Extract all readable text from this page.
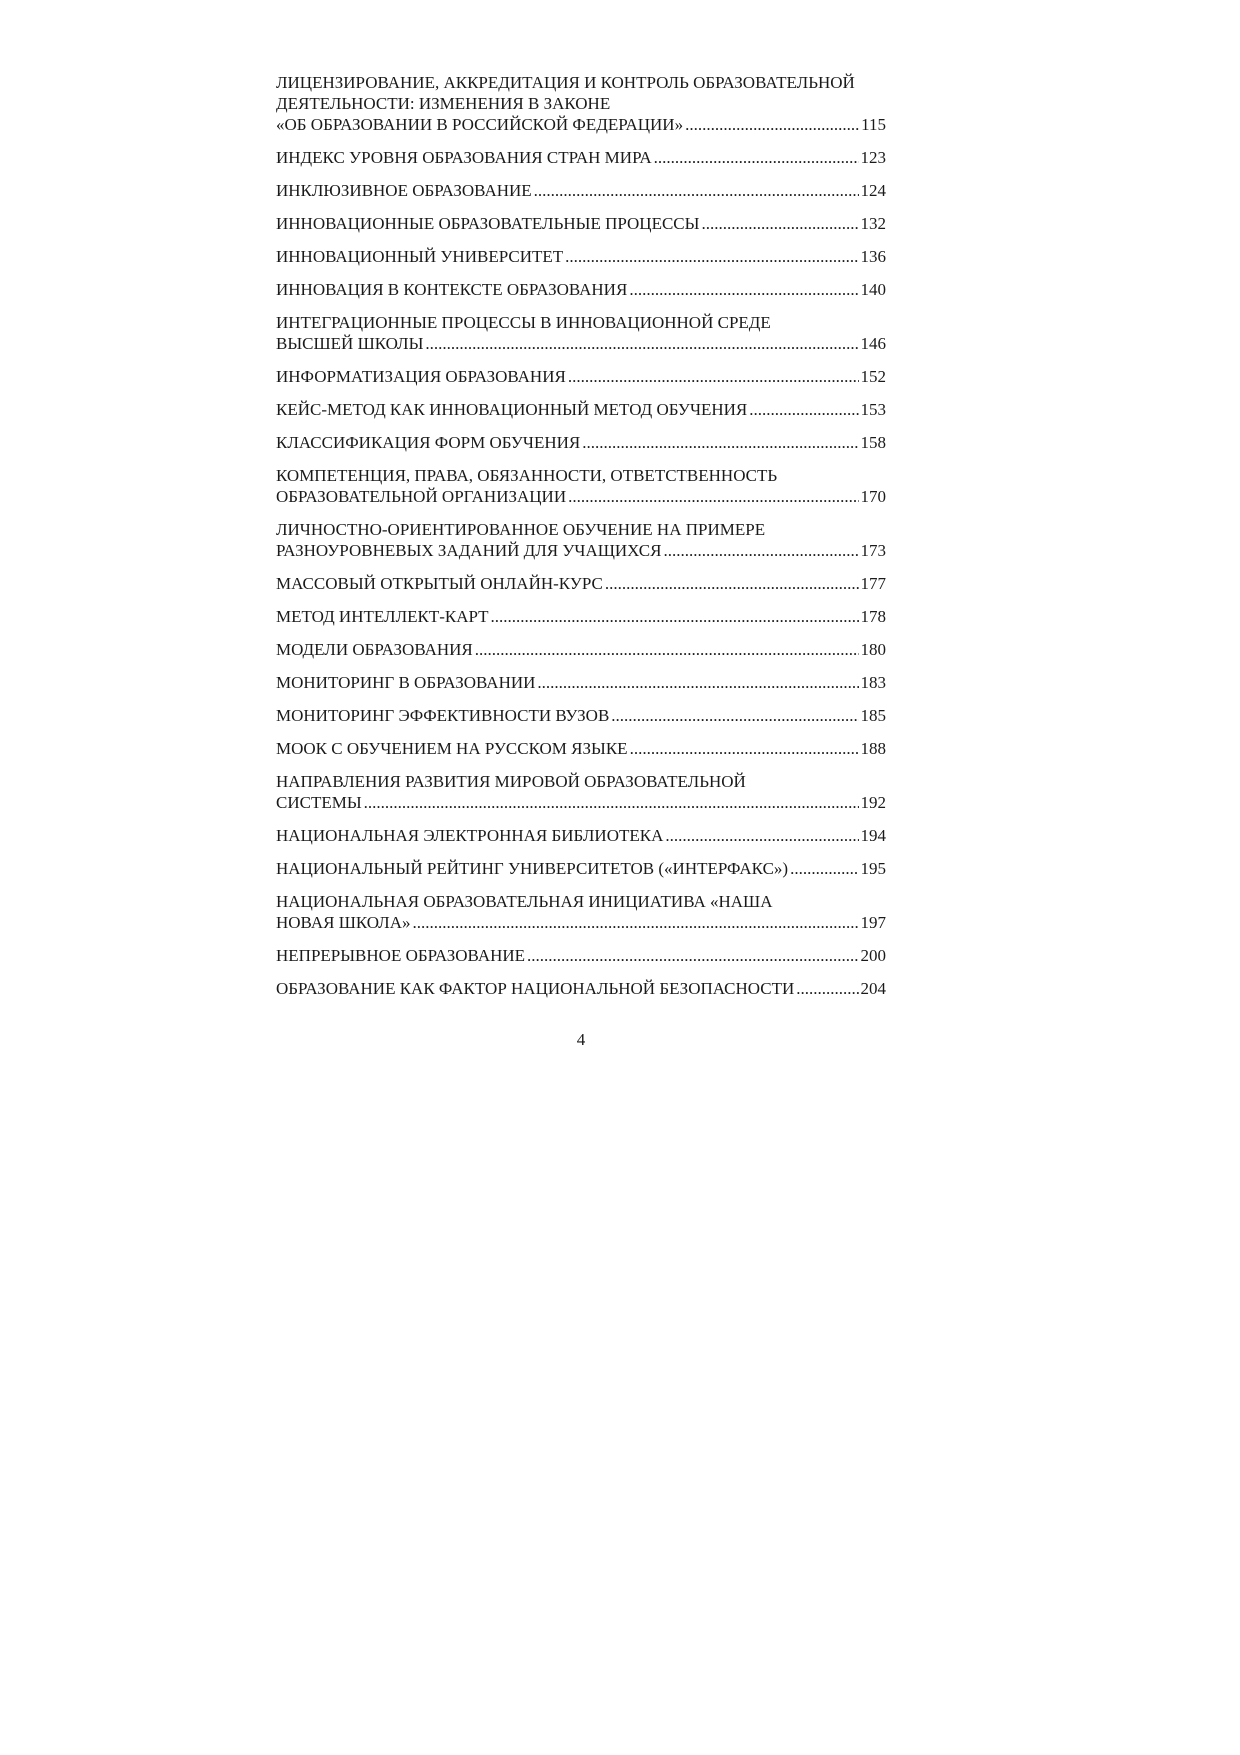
ЛИЦЕНЗИРОВАНИЕ, АККРЕДИТАЦИЯ И КОНТРОЛЬ ОБРАЗОВАТЕЛЬНОЙ ДЕЯТЕЛЬНОСТИ: ИЗМЕНЕНИЯ В ЗАКОНЕ
«ОБ ОБРАЗОВАНИИ В РОССИЙСКОЙ ФЕДЕРАЦИИ» .....	115
ИНДЕКС УРОВНЯ ОБРАЗОВАНИЯ СТРАН МИРА .....	123
ИНКЛЮЗИВНОЕ ОБРАЗОВАНИЕ .....	124
ИННОВАЦИОННЫЕ ОБРАЗОВАТЕЛЬНЫЕ ПРОЦЕССЫ .....	132
ИННОВАЦИОННЫЙ УНИВЕРСИТЕТ .....	136
ИННОВАЦИЯ В КОНТЕКСТЕ ОБРАЗОВАНИЯ .....	140
ИНТЕГРАЦИОННЫЕ ПРОЦЕССЫ В ИННОВАЦИОННОЙ СРЕДЕ
ВЫСШЕЙ ШКОЛЫ .....	146
ИНФОРМАТИЗАЦИЯ ОБРАЗОВАНИЯ .....	152
КЕЙС-МЕТОД КАК ИННОВАЦИОННЫЙ МЕТОД ОБУЧЕНИЯ .....	153
КЛАССИФИКАЦИЯ ФОРМ ОБУЧЕНИЯ .....	158
КОМПЕТЕНЦИЯ, ПРАВА, ОБЯЗАННОСТИ, ОТВЕТСТВЕННОСТЬ
ОБРАЗОВАТЕЛЬНОЙ ОРГАНИЗАЦИИ .....	170
ЛИЧНОСТНО-ОРИЕНТИРОВАННОЕ ОБУЧЕНИЕ НА ПРИМЕРЕ
РАЗНОУРОВНЕВЫХ ЗАДАНИЙ ДЛЯ УЧАЩИХСЯ .....	173
МАССОВЫЙ ОТКРЫТЫЙ ОНЛАЙН-КУРС .....	177
МЕТОД ИНТЕЛЛЕКТ-КАРТ .....	178
МОДЕЛИ ОБРАЗОВАНИЯ .....	180
МОНИТОРИНГ В ОБРАЗОВАНИИ .....	183
МОНИТОРИНГ ЭФФЕКТИВНОСТИ ВУЗОВ .....	185
МООК С ОБУЧЕНИЕМ НА РУССКОМ ЯЗЫКЕ .....	188
НАПРАВЛЕНИЯ РАЗВИТИЯ МИРОВОЙ ОБРАЗОВАТЕЛЬНОЙ
СИСТЕМЫ .....	192
НАЦИОНАЛЬНАЯ ЭЛЕКТРОННАЯ БИБЛИОТЕКА .....	194
НАЦИОНАЛЬНЫЙ РЕЙТИНГ УНИВЕРСИТЕТОВ («ИНТЕРФАКС») .....	195
НАЦИОНАЛЬНАЯ ОБРАЗОВАТЕЛЬНАЯ ИНИЦИАТИВА «НАША
НОВАЯ ШКОЛА» .....	197
НЕПРЕРЫВНОЕ ОБРАЗОВАНИЕ .....	200
ОБРАЗОВАНИЕ КАК ФАКТОР НАЦИОНАЛЬНОЙ БЕЗОПАСНОСТИ .....	204
4
